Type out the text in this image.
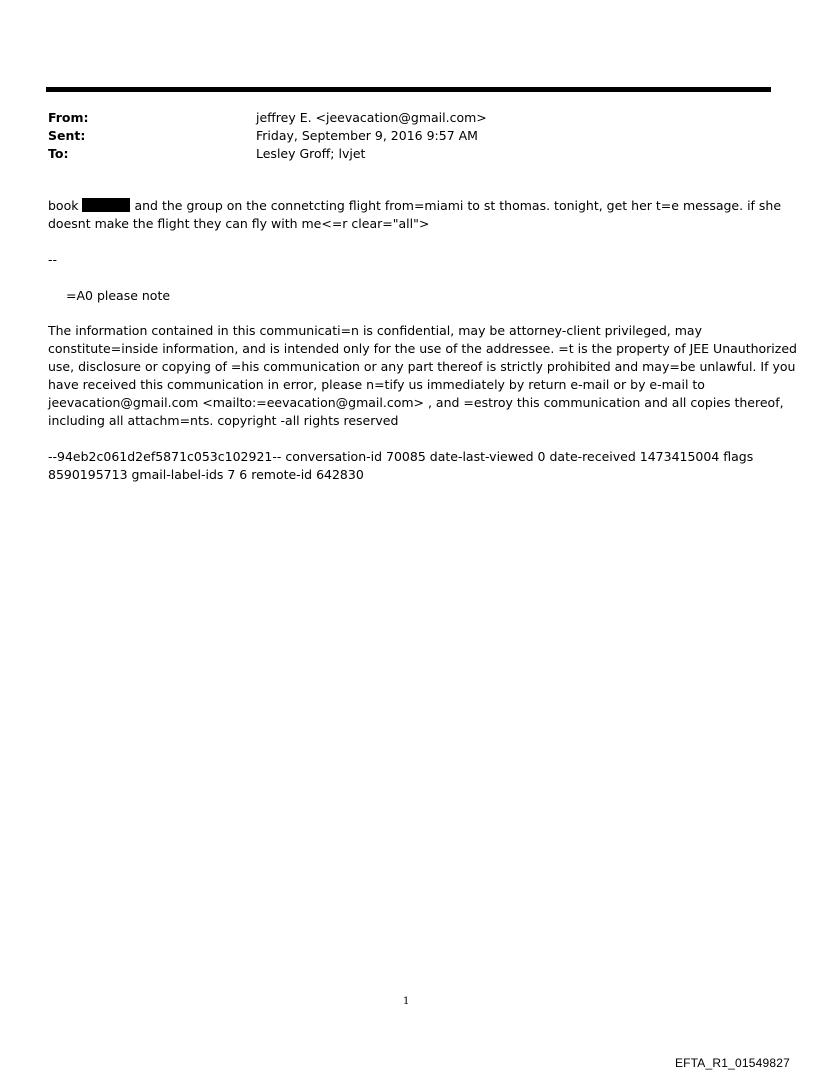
From:	jeffrey E. <jeevacation@gmail.com>
Sent:	Friday, September 9, 2016 9:57 AM
To:	Lesley Groff; lvjet
book	and the group on the connetcting flight from=miami to st thomas. tonight, get her t=e message. if she
doesnt make the flight they can fly with me<=r clear="all">
--
=A0 please note
The information contained in this communicati=n is confidential, may be attorney-client privileged, may
constitute=inside information, and is intended only for the use of the addressee. =t is the property of JEE Unauthorized
use, disclosure or copying of =his communication or any part thereof is strictly prohibited and may=be unlawful. If you
have received this communication in error, please n=tify us immediately by return e-mail or by e-mail to
jeevacation@gmail.com <mailto:=eevacation@gmail.com> , and =estroy this communication and all copies thereof,
including all attachm=nts. copyright -all rights reserved
--94eb2c061d2ef5871c053c102921-- conversation-id 70085 date-last-viewed 0 date-received 1473415004 flags
8590195713 gmail-label-ids 7 6 remote-id 642830
1
EFTA_R1_01549827
